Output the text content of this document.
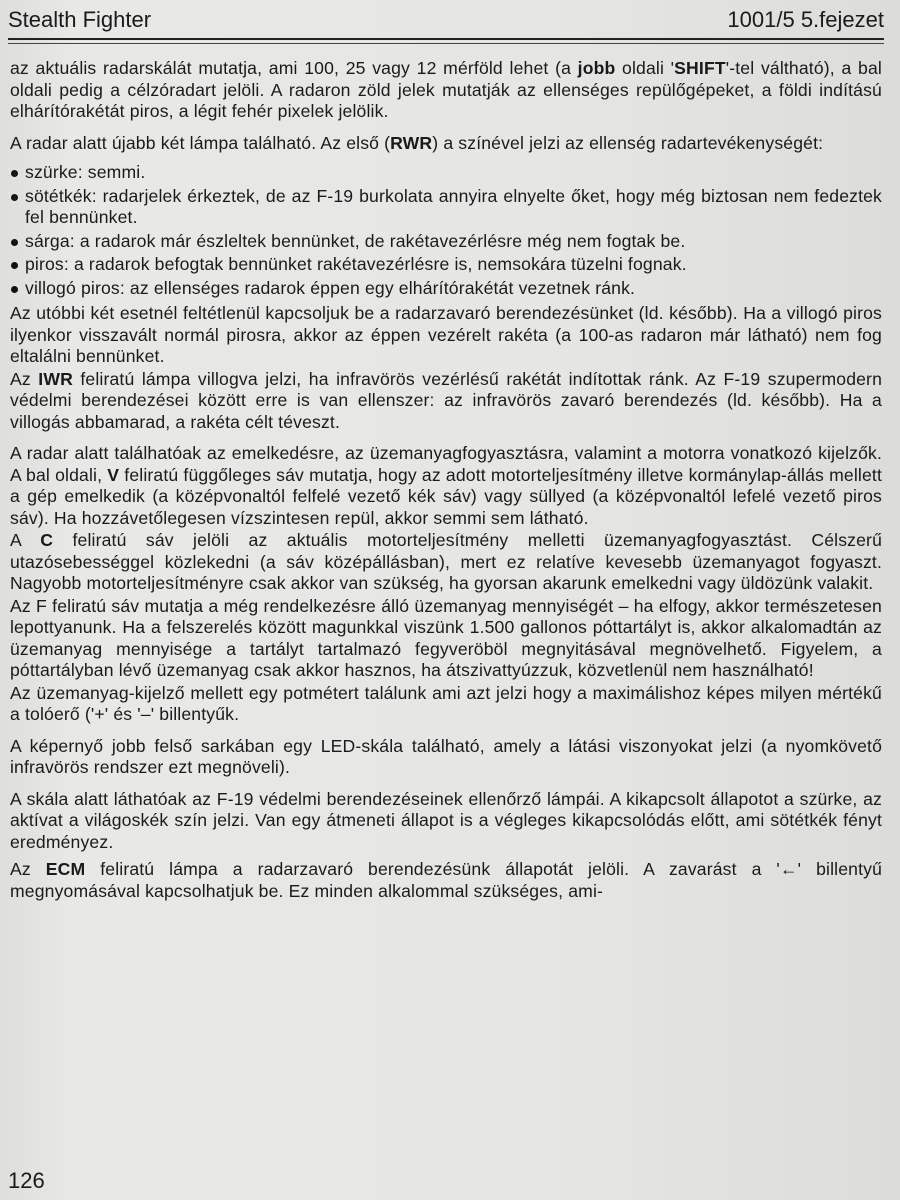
Stealth Fighter	1001/5 5.fejezet

az aktuális radarskálát mutatja, ami 100, 25 vagy 12 mérföld lehet (a jobb oldali 'SHIFT'-tel váltható), a bal oldali pedig a célzóradart jelöli. A radaron zöld jelek mutatják az ellenséges repülőgépeket, a földi indítású elhárítórakétát piros, a légit fehér pixelek jelölik.

A radar alatt újabb két lámpa található. Az első (RWR) a színével jelzi az ellenség radartevékenységét:

szürke: semmi.
sötétkék: radarjelek érkeztek, de az F-19 burkolata annyira elnyelte őket, hogy még biztosan nem fedeztek fel bennünket.
sárga: a radarok már észleltek bennünket, de rakétavezérlésre még nem fogtak be.
piros: a radarok befogtak bennünket rakétavezérlésre is, nemsokára tüzelni fognak.
villogó piros: az ellenséges radarok éppen egy elhárítórakétát vezetnek ránk.

Az utóbbi két esetnél feltétlenül kapcsoljuk be a radarzavaró berendezésünket (ld. később). Ha a villogó piros ilyenkor visszavált normál pirosra, akkor az éppen vezérelt rakéta (a 100-as radaron már látható) nem fog eltalálni bennünket.

Az IWR feliratú lámpa villogva jelzi, ha infravörös vezérlésű rakétát indítottak ránk. Az F-19 szupermodern védelmi berendezései között erre is van ellenszer: az infravörös zavaró berendezés (ld. később). Ha a villogás abbamarad, a rakéta célt téveszt.

A radar alatt találhatóak az emelkedésre, az üzemanyagfogyasztásra, valamint a motorra vonatkozó kijelzők. A bal oldali, V feliratú függőleges sáv mutatja, hogy az adott motorteljesítmény illetve kormánylap-állás mellett a gép emelkedik (a középvonaltól felfelé vezető kék sáv) vagy süllyed (a középvonaltól lefelé vezető piros sáv). Ha hozzávetőlegesen vízszintesen repül, akkor semmi sem látható.

A C feliratú sáv jelöli az aktuális motorteljesítmény melletti üzemanyagfogyasztást. Célszerű utazósebességgel közlekedni (a sáv középállásban), mert ez relatíve kevesebb üzemanyagot fogyaszt. Nagyobb motorteljesítményre csak akkor van szükség, ha gyorsan akarunk emelkedni vagy üldözünk valakit.

Az F feliratú sáv mutatja a még rendelkezésre álló üzemanyag mennyiségét – ha elfogy, akkor természetesen lepottyanunk. Ha a felszerelés között magunkkal viszünk 1.500 gallonos póttartályt is, akkor alkalomadtán az üzemanyag mennyisége a tartályt tartalmazó fegyveröböl megnyitásával megnövelhető. Figyelem, a póttartályban lévő üzemanyag csak akkor hasznos, ha átszivattyúzzuk, közvetlenül nem használható!

Az üzemanyag-kijelző mellett egy potmétert találunk ami azt jelzi hogy a maximálishoz képes milyen mértékű a tolóerő ('+' és '–' billentyűk.

A képernyő jobb felső sarkában egy LED-skála található, amely a látási viszonyokat jelzi (a nyomkövető infravörös rendszer ezt megnöveli).

A skála alatt láthatóak az F-19 védelmi berendezéseinek ellenőrző lámpái. A kikapcsolt állapotot a szürke, az aktívat a világoskék szín jelzi. Van egy átmeneti állapot is a végleges kikapcsolódás előtt, ami sötétkék fényt eredményez.

Az ECM feliratú lámpa a radarzavaró berendezésünk állapotát jelöli. A zavarást a '←' billentyű megnyomásával kapcsolhatjuk be. Ez minden alkalommal szükséges, ami-

126
